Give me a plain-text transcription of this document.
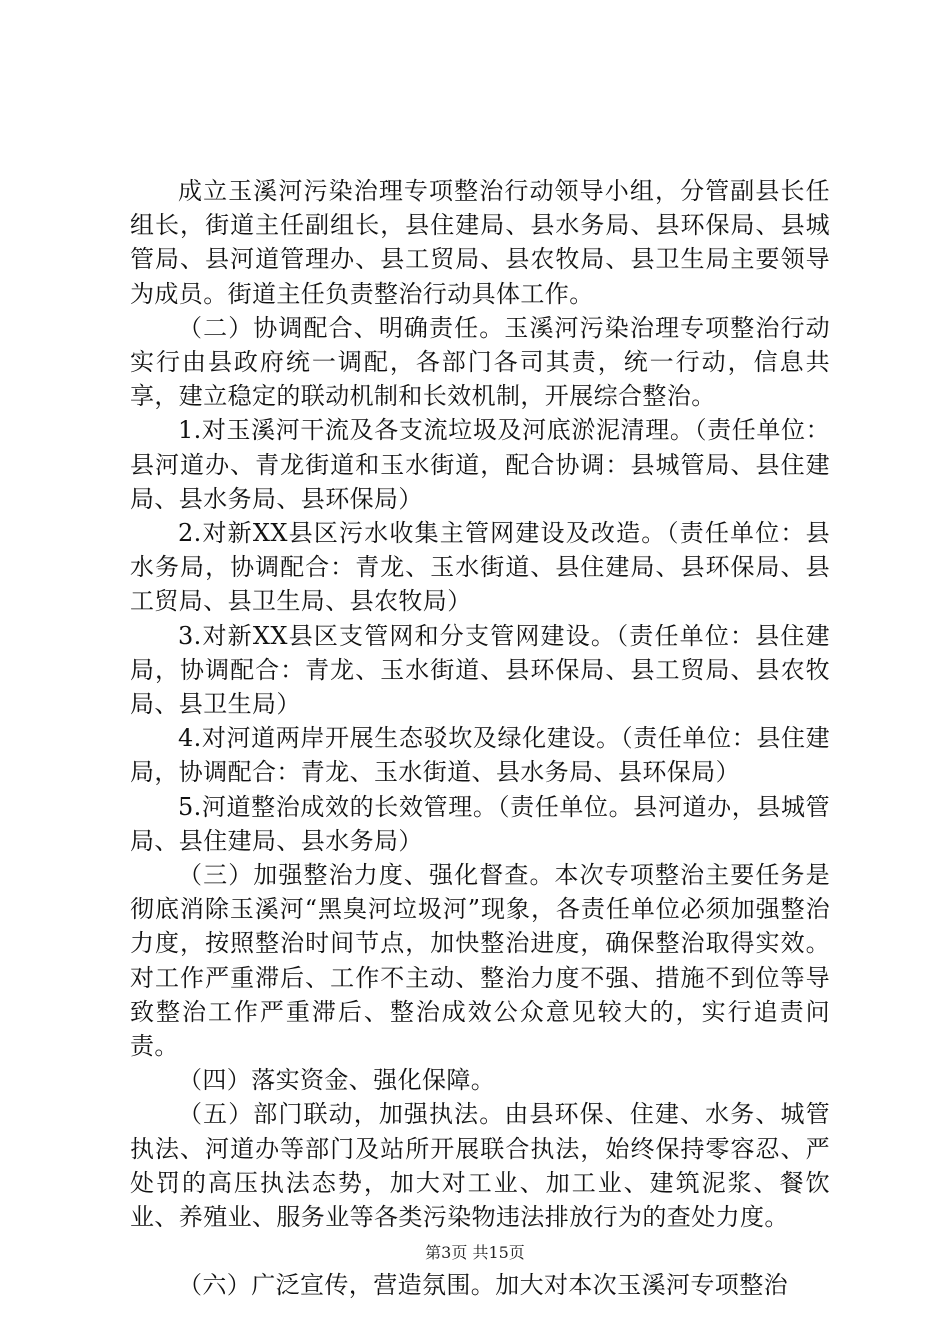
成立玉溪河污染治理专项整治行动领导小组，分管副县长任组长，街道主任副组长，县住建局、县水务局、县环保局、县城管局、县河道管理办、县工贸局、县农牧局、县卫生局主要领导为成员。街道主任负责整治行动具体工作。

（二）协调配合、明确责任。玉溪河污染治理专项整治行动实行由县政府统一调配，各部门各司其责，统一行动，信息共享，建立稳定的联动机制和长效机制，开展综合整治。

1.对玉溪河干流及各支流垃圾及河底淤泥清理。（责任单位：县河道办、青龙街道和玉水街道，配合协调：县城管局、县住建局、县水务局、县环保局）

2.对新XX县区污水收集主管网建设及改造。（责任单位：县水务局，协调配合：青龙、玉水街道、县住建局、县环保局、县工贸局、县卫生局、县农牧局）

3.对新XX县区支管网和分支管网建设。（责任单位：县住建局，协调配合：青龙、玉水街道、县环保局、县工贸局、县农牧局、县卫生局）

4.对河道两岸开展生态驳坎及绿化建设。（责任单位：县住建局，协调配合：青龙、玉水街道、县水务局、县环保局）

5.河道整治成效的长效管理。（责任单位。县河道办，县城管局、县住建局、县水务局）

（三）加强整治力度、强化督查。本次专项整治主要任务是彻底消除玉溪河“黑臭河垃圾河”现象，各责任单位必须加强整治力度，按照整治时间节点，加快整治进度，确保整治取得实效。对工作严重滞后、工作不主动、整治力度不强、措施不到位等导致整治工作严重滞后、整治成效公众意见较大的，实行追责问责。

（四）落实资金、强化保障。

（五）部门联动，加强执法。由县环保、住建、水务、城管执法、河道办等部门及站所开展联合执法，始终保持零容忍、严处罚的高压执法态势，加大对工业、加工业、建筑泥浆、餐饮业、养殖业、服务业等各类污染物违法排放行为的查处力度。

（六）广泛宣传，营造氛围。加大对本次玉溪河专项整治

第3页 共15页
